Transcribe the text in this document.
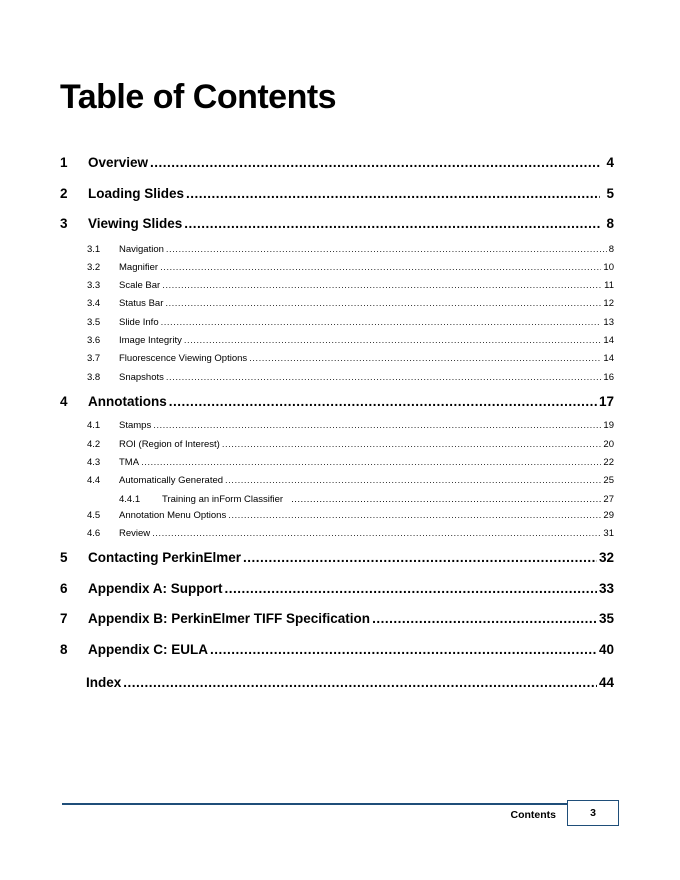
Table of Contents
1	Overview .....	4
2	Loading Slides .....	5
3	Viewing Slides .....	8
3.1	Navigation .....	8
3.2	Magnifier .....	10
3.3	Scale Bar .....	11
3.4	Status Bar .....	12
3.5	Slide Info .....	13
3.6	Image Integrity .....	14
3.7	Fluorescence Viewing Options .....	14
3.8	Snapshots .....	16
4	Annotations .....	17
4.1	Stamps .....	19
4.2	ROI (Region of Interest) .....	20
4.3	TMA .....	22
4.4	Automatically Generated .....	25
4.4.1	Training an inForm Classifier .....	27
4.5	Annotation Menu Options .....	29
4.6	Review .....	31
5	Contacting PerkinElmer .....	32
6	Appendix A: Support .....	33
7	Appendix B: PerkinElmer TIFF Specification .....	35
8	Appendix C: EULA .....	40
Index .....	44
Contents	3
